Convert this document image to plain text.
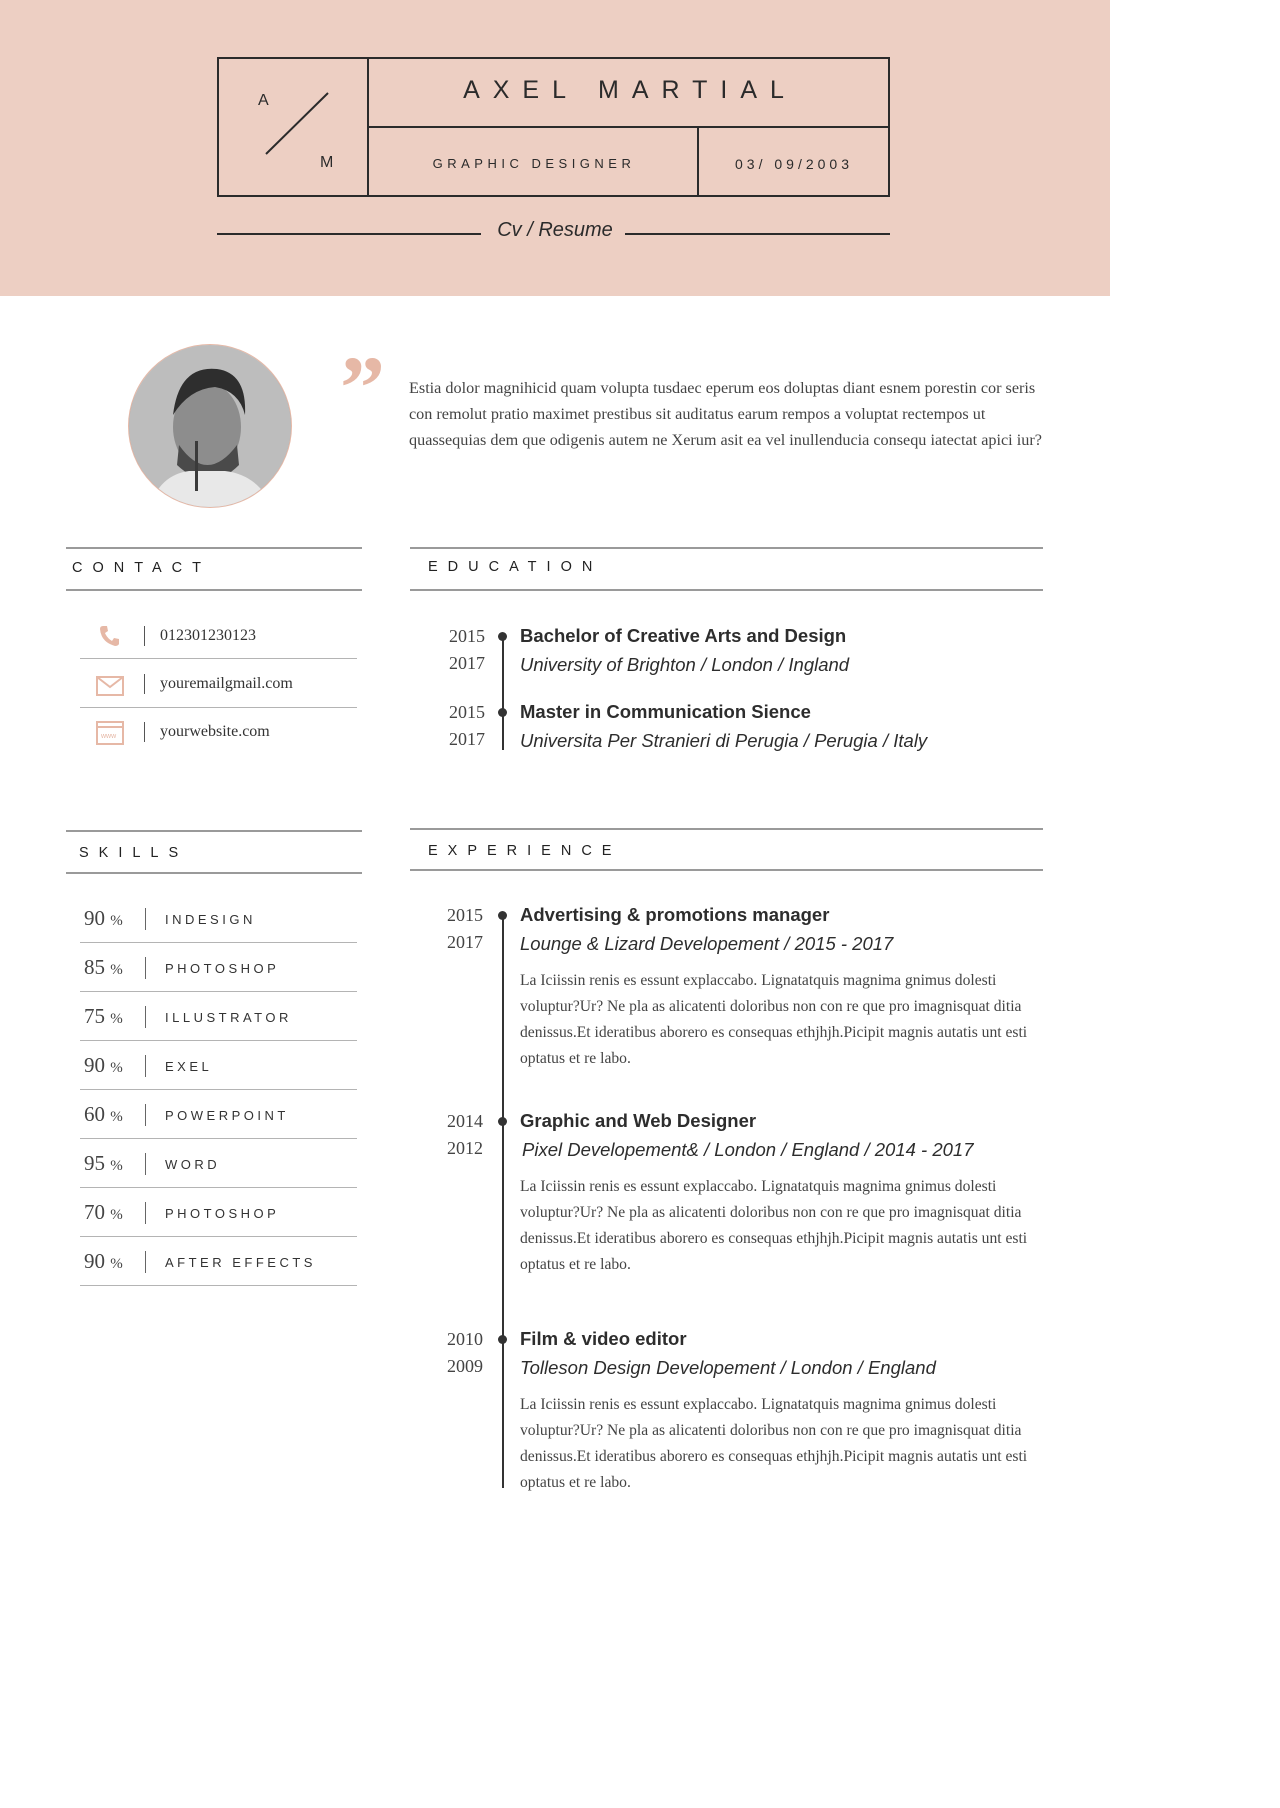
A
M
AXEL MARTIAL
GRAPHIC DESIGNER	03/ 09/2003
Cv / Resume
”	Estia dolor magnihicid quam volupta tusdaec eperum eos doluptas diant esnem porestin cor seris con remolut pratio maximet prestibus sit auditatus earum rempos a voluptat rectempos ut quassequias dem que odigenis autem ne Xerum asit ea vel inullenducia consequ iatectat apici iur?
CONTACT
012301230123
youremailgmail.com
www	yourwebsite.com
EDUCATION
2015
2017
Bachelor of Creative Arts and Design
University of Brighton / London / Ingland
2015
2017
Master in Communication Sience
Universita Per Stranieri di Perugia / Perugia / Italy
SKILLS
90 %	INDESIGN
85 %	PHOTOSHOP
75 %	ILLUSTRATOR
90 %	EXEL
60 %	POWERPOINT
95 %	WORD
70 %	PHOTOSHOP
90 %	AFTER EFFECTS
EXPERIENCE
2015
2017
Advertising & promotions manager
Lounge & Lizard Developement / 2015 - 2017
La Iciissin renis es essunt explaccabo. Lignatatquis magnima gnimus dolesti voluptur?Ur? Ne pla as alicatenti doloribus non con re que pro imagnisquat ditia denissus.Et ideratibus aborero es consequas ethjhjh.Picipit magnis autatis unt esti optatus et re labo.
2014
2012
Graphic and Web Designer
Pixel Developement& / London / England / 2014 - 2017
La Iciissin renis es essunt explaccabo. Lignatatquis magnima gnimus dolesti voluptur?Ur? Ne pla as alicatenti doloribus non con re que pro imagnisquat ditia denissus.Et ideratibus aborero es consequas ethjhjh.Picipit magnis autatis unt esti optatus et re labo.
2010
2009
Film & video editor
Tolleson Design Developement / London / England
La Iciissin renis es essunt explaccabo. Lignatatquis magnima gnimus dolesti voluptur?Ur? Ne pla as alicatenti doloribus non con re que pro imagnisquat ditia denissus.Et ideratibus aborero es consequas ethjhjh.Picipit magnis autatis unt esti optatus et re labo.
